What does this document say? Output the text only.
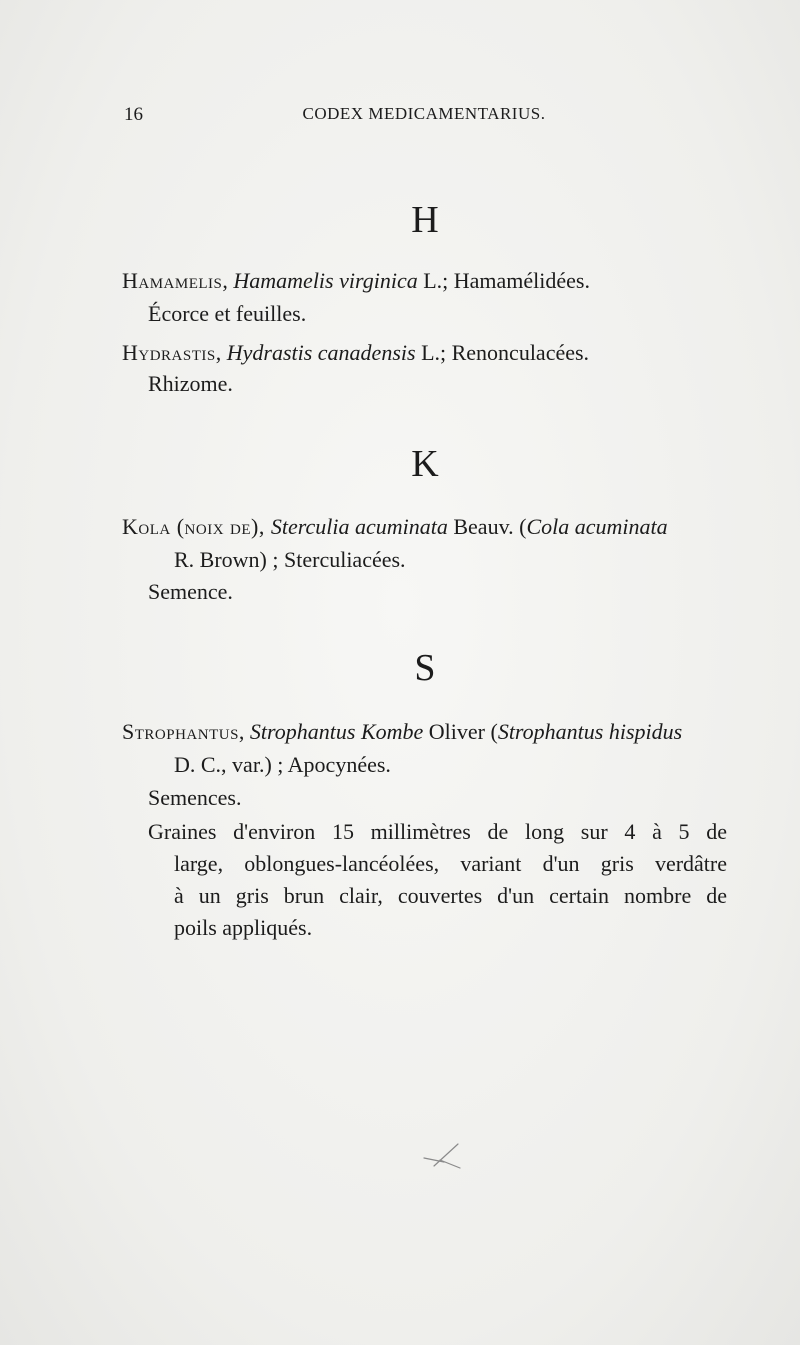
16	CODEX MEDICAMENTARIUS.
H
Hamamelis, Hamamelis virginica L.; Hamamélidées.
Écorce et feuilles.
Hydrastis, Hydrastis canadensis L.; Renonculacées.
Rhizome.
K
Kola (noix de), Sterculia acuminata Beauv. (Cola acuminata
R. Brown) ; Sterculiacées.
Semence.
S
Strophantus, Strophantus Kombe Oliver (Strophantus hispidus
D. C., var.) ; Apocynées.
Semences.
Graines d'environ 15 millimètres de long sur 4 à 5 de
large, oblongues-lancéolées, variant d'un gris verdâtre
à un gris brun clair, couvertes d'un certain nombre de
poils appliqués.
